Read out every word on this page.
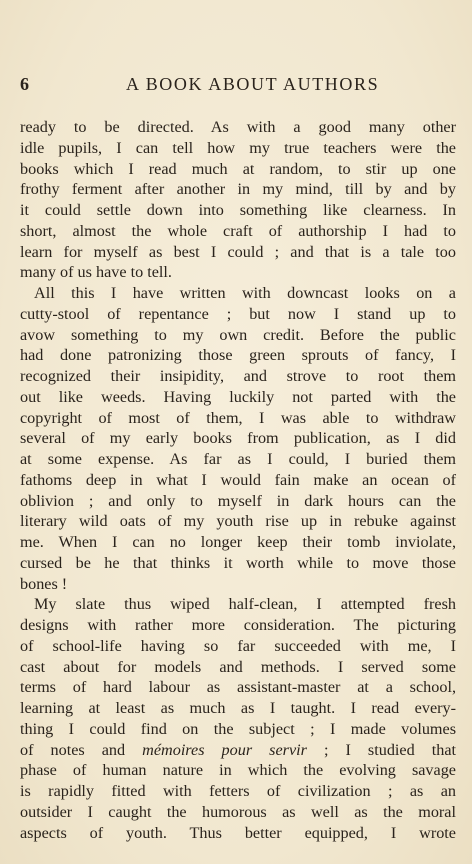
6	A BOOK ABOUT AUTHORS
ready to be directed. As with a good many other
idle pupils, I can tell how my true teachers were the
books which I read much at random, to stir up one
frothy ferment after another in my mind, till by and by
it could settle down into something like clearness. In
short, almost the whole craft of authorship I had to
learn for myself as best I could ; and that is a tale too
many of us have to tell.
All this I have written with downcast looks on a
cutty-stool of repentance ; but now I stand up to
avow something to my own credit. Before the public
had done patronizing those green sprouts of fancy, I
recognized their insipidity, and strove to root them
out like weeds. Having luckily not parted with the
copyright of most of them, I was able to withdraw
several of my early books from publication, as I did
at some expense. As far as I could, I buried them
fathoms deep in what I would fain make an ocean of
oblivion ; and only to myself in dark hours can the
literary wild oats of my youth rise up in rebuke against
me. When I can no longer keep their tomb inviolate,
cursed be he that thinks it worth while to move those
bones !
My slate thus wiped half-clean, I attempted fresh
designs with rather more consideration. The picturing
of school-life having so far succeeded with me, I
cast about for models and methods. I served some
terms of hard labour as assistant-master at a school,
learning at least as much as I taught. I read every-
thing I could find on the subject ; I made volumes
of notes and mémoires pour servir ; I studied that
phase of human nature in which the evolving savage
is rapidly fitted with fetters of civilization ; as an
outsider I caught the humorous as well as the moral
aspects of youth. Thus better equipped, I wrote
